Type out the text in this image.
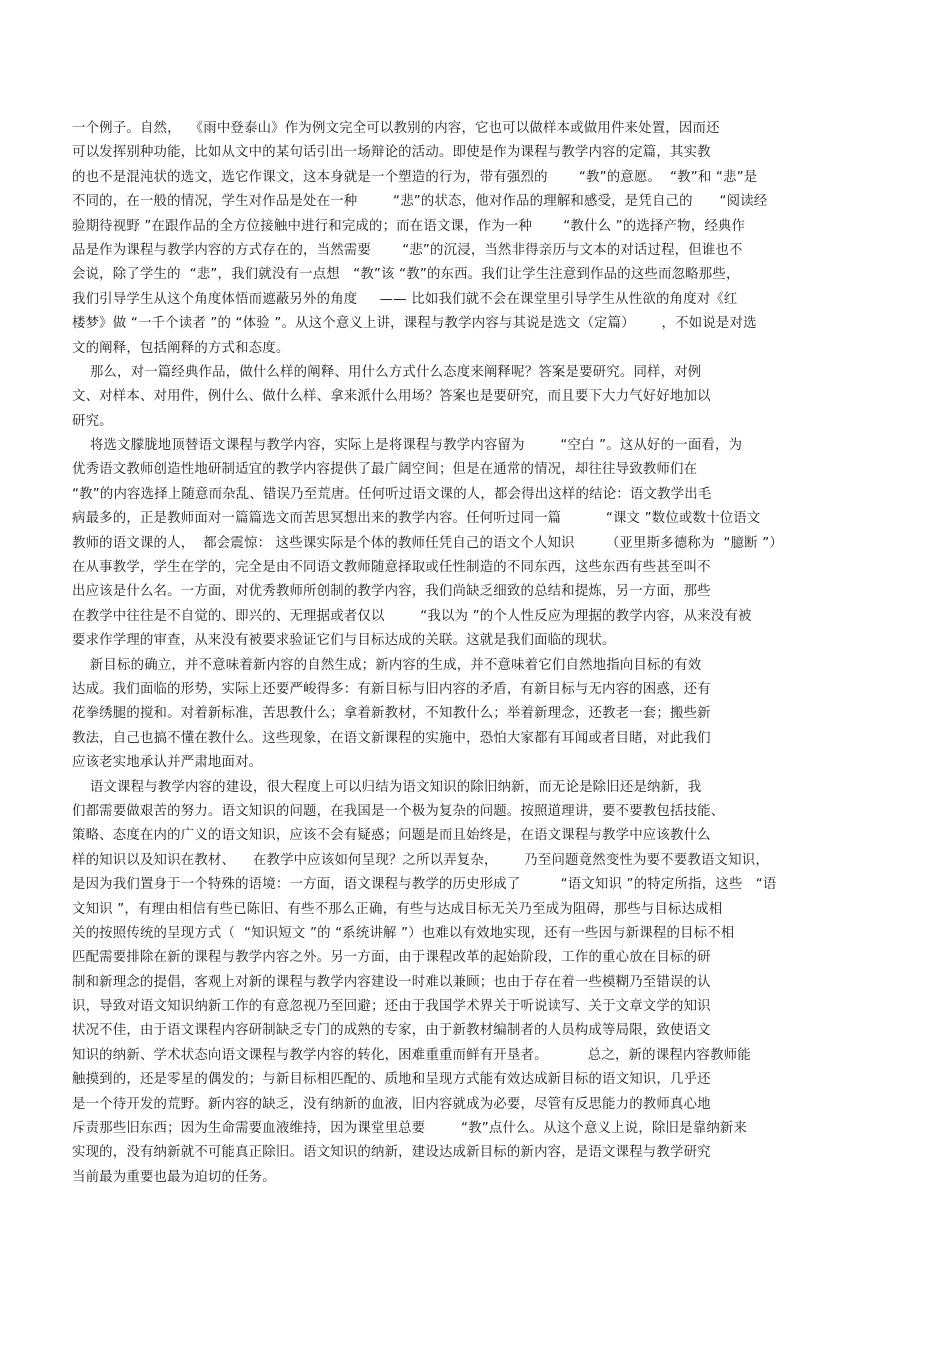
一个例子。自然，  《雨中登泰山》作为例文完全可以教别的内容，它也可以做样本或做用件来处置，因而还
可以发挥别种功能，比如从文中的某句话引出一场辩论的活动。即使是作为课程与教学内容的定篇，其实教
的也不是混沌状的选文，选它作课文，这本身就是一个塑造的行为，带有强烈的       “教”的意愿。  “教”和 “悲”是
不同的，在一般的情况，学生对作品是处在一种        “悲”的状态，他对作品的理解和感受，是凭自己的      “阅读经
验期待视野 ”在跟作品的全方位接触中进行和完成的；而在语文课，作为一种       “教什么 ”的选择产物，经典作
品是作为课程与教学内容的方式存在的，当然需要       “悲”的沉浸，当然非得亲历与文本的对话过程，但谁也不
会说，除了学生的  “悲”，我们就没有一点想   “教”该 “教”的东西。我们让学生注意到作品的这些而忽略那些，
我们引导学生从这个角度体悟而遮蔽另外的角度     —— 比如我们就不会在课堂里引导学生从性欲的角度对《红
楼梦》做 “一千个读者 ”的 “体验 ”。从这个意义上讲，课程与教学内容与其说是选文（定篇）      ，不如说是对选
文的阐释，包括阐释的方式和态度。
那么，对一篇经典作品，做什么样的阐释、用什么方式什么态度来阐释呢？答案是要研究。同样，对例
文、对样本、对用件，例什么、做什么样、拿来派什么用场？答案也是要研究，而且要下大力气好好地加以
研究。
将选文朦胧地顶替语文课程与教学内容，实际上是将课程与教学内容留为        “空白 ”。这从好的一面看，为
优秀语文教师创造性地研制适宜的教学内容提供了最广阔空间；但是在通常的情况，却往往导致教师们在
“教”的内容选择上随意而杂乱、错误乃至荒唐。任何听过语文课的人，都会得出这样的结论：语文教学出毛
病最多的，正是教师面对一篇篇选文而苦思冥想出来的教学内容。任何听过同一篇          “课文 ”数位或数十位语文
教师的语文课的人，  都会震惊： 这些课实际是个体的教师任凭自己的语文个人知识       （亚里斯多德称为  “臆断 ”）
在从事教学，学生在学的，完全是由不同语文教师随意择取或任性制造的不同东西，这些东西有些甚至叫不
出应该是什么名。一方面，对优秀教师所创制的教学内容，我们尚缺乏细致的总结和提炼，另一方面，那些
在教学中往往是不自觉的、即兴的、无理据或者仅以        “我以为 ”的个人性反应为理据的教学内容，从来没有被
要求作学理的审查，从来没有被要求验证它们与目标达成的关联。这就是我们面临的现状。
新目标的确立，并不意味着新内容的自然生成；新内容的生成，并不意味着它们自然地指向目标的有效
达成。我们面临的形势，实际上还要严峻得多：有新目标与旧内容的矛盾，有新目标与无内容的困惑，还有
花拳绣腿的搅和。对着新标准，苦思教什么；拿着新教材，不知教什么；举着新理念，还教老一套；搬些新
教法，自己也搞不懂在教什么。这些现象，在语文新课程的实施中，恐怕大家都有耳闻或者目睹，对此我们
应该老实地承认并严肃地面对。
语文课程与教学内容的建设，很大程度上可以归结为语文知识的除旧纳新，而无论是除旧还是纳新，我
们都需要做艰苦的努力。语文知识的问题，在我国是一个极为复杂的问题。按照道理讲，要不要教包括技能、
策略、态度在内的广义的语文知识，应该不会有疑惑；问题是而且始终是，在语文课程与教学中应该教什么
样的知识以及知识在教材、    在教学中应该如何呈现？之所以弄复杂，      乃至问题竟然变性为要不要教语文知识，
是因为我们置身于一个特殊的语境：一方面，语文课程与教学的历史形成了         “语文知识 ”的特定所指，这些   “语
文知识 ”，有理由相信有些已陈旧、有些不那么正确，有些与达成目标无关乃至成为阻碍，那些与目标达成相
关的按照传统的呈现方式（  “知识短文 ”的 “系统讲解 ”）也难以有效地实现，还有一些因与新课程的目标不相
匹配需要排除在新的课程与教学内容之外。另一方面，由于课程改革的起始阶段，工作的重心放在目标的研
制和新理念的提倡，客观上对新的课程与教学内容建设一时难以兼顾；也由于存在着一些模糊乃至错误的认
识，导致对语文知识纳新工作的有意忽视乃至回避；还由于我国学术界关于听说读写、关于文章文学的知识
状况不佳，由于语文课程内容研制缺乏专门的成熟的专家，由于新教材编制者的人员构成等局限，致使语文
知识的纳新、学术状态向语文课程与教学内容的转化，困难重重而鲜有开垦者。         总之，新的课程内容教师能
触摸到的，还是零星的偶发的；与新目标相匹配的、质地和呈现方式能有效达成新目标的语文知识，几乎还
是一个待开发的荒野。新内容的缺乏，没有纳新的血液，旧内容就成为必要，尽管有反思能力的教师真心地
斥责那些旧东西；因为生命需要血液维持，因为课堂里总要        “教”点什么。从这个意义上说，除旧是靠纳新来
实现的，没有纳新就不可能真正除旧。语文知识的纳新，建设达成新目标的新内容，是语文课程与教学研究
当前最为重要也最为迫切的任务。
